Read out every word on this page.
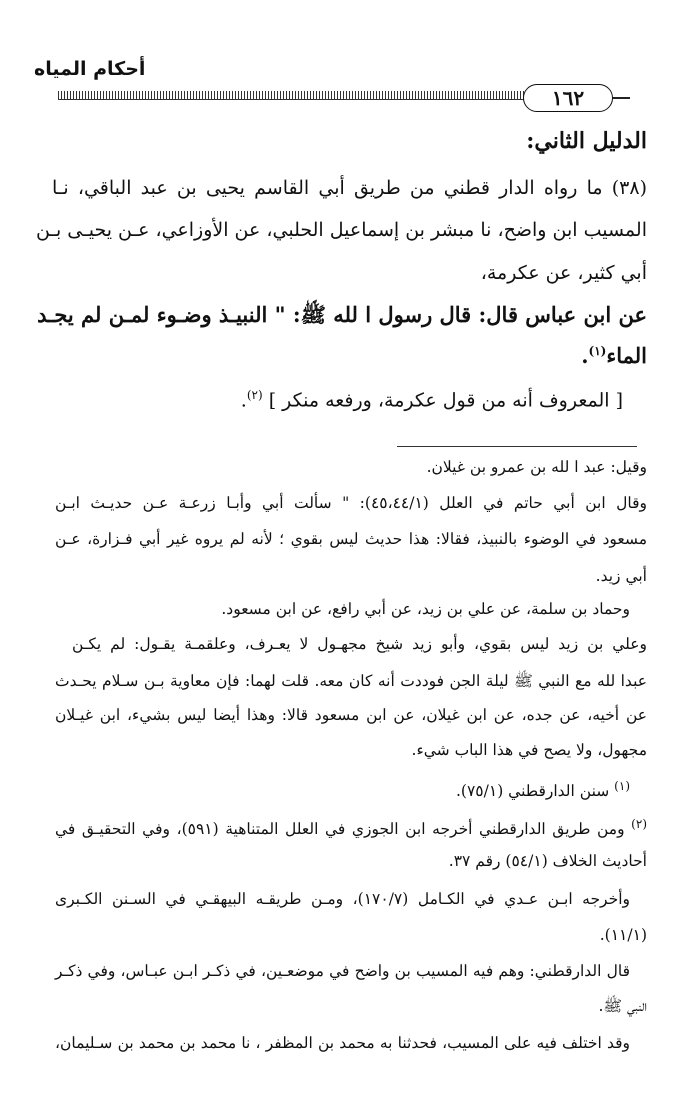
أحكام المياه
١٦٢
الدليل الثاني:
(٣٨) ما رواه الدار قطني من طريق أبي القاسم يحيى بن عبد الباقي، نـا
المسيب ابن واضح، نا مبشر بن إسماعيل الحلبي، عن الأوزاعي، عـن يحيـى بـن
أبي كثير، عن عكرمة،
عن ابن عباس قال: قال رسول ا لله ﷺ: " النبيـذ وضـوء لمـن لم يجـد
الماء$^{(١)}$.
[ المعروف أنه من قول عكرمة، ورفعه منكر ] $^{(٢)}$.
وقيل: عبد ا لله بن عمرو بن غيلان.
وقال ابن أبي حاتم في العلل (٤٥،٤٤/١): " سألت أبي وأبـا زرعـة عـن حديـث ابـن
مسعود في الوضوء بالنبيذ، فقالا: هذا حديث ليس بقوي ؛ لأنه لم يروه غير أبي فـزارة، عـن
أبي زيد.
وحماد بن سلمة، عن علي بن زيد، عن أبي رافع، عن ابن مسعود.
وعلي بن زيد ليس بقوي، وأبو زيد شيخ مجهـول لا يعـرف، وعلقمـة يقـول: لم يكـن
عبدا لله مع النبي ﷺ ليلة الجن فوددت أنه كان معه. قلت لهما: فإن معاوية بـن سـلام يحـدث
عن أخيه، عن جده، عن ابن غيلان، عن ابن مسعود قالا: وهذا أيضا ليس بشيء، ابن غيـلان
مجهول، ولا يصح في هذا الباب شيء.
$^{(١)}$ سنن الدارقطني (٧٥/١).
$^{(٢)}$ ومن طريق الدارقطني أخرجه ابن الجوزي في العلل المتناهية (٥٩١)، وفي التحقيـق في
أحاديث الخلاف (٥٤/١) رقم ٣٧.
وأخرجه ابـن عـدي في الكـامل (١٧٠/٧)، ومـن طريقـه البيهقـي في السـنن الكـبرى
(١١/١).
قال الدارقطني: وهم فيه المسيب بن واضح في موضعـين، في ذكـر ابـن عبـاس، وفي ذكـر
النبي ﷺ.
وقد اختلف فيه على المسيب، فحدثنا به محمد بن المظفر ، نا محمد بن محمد بن سـليمان،
